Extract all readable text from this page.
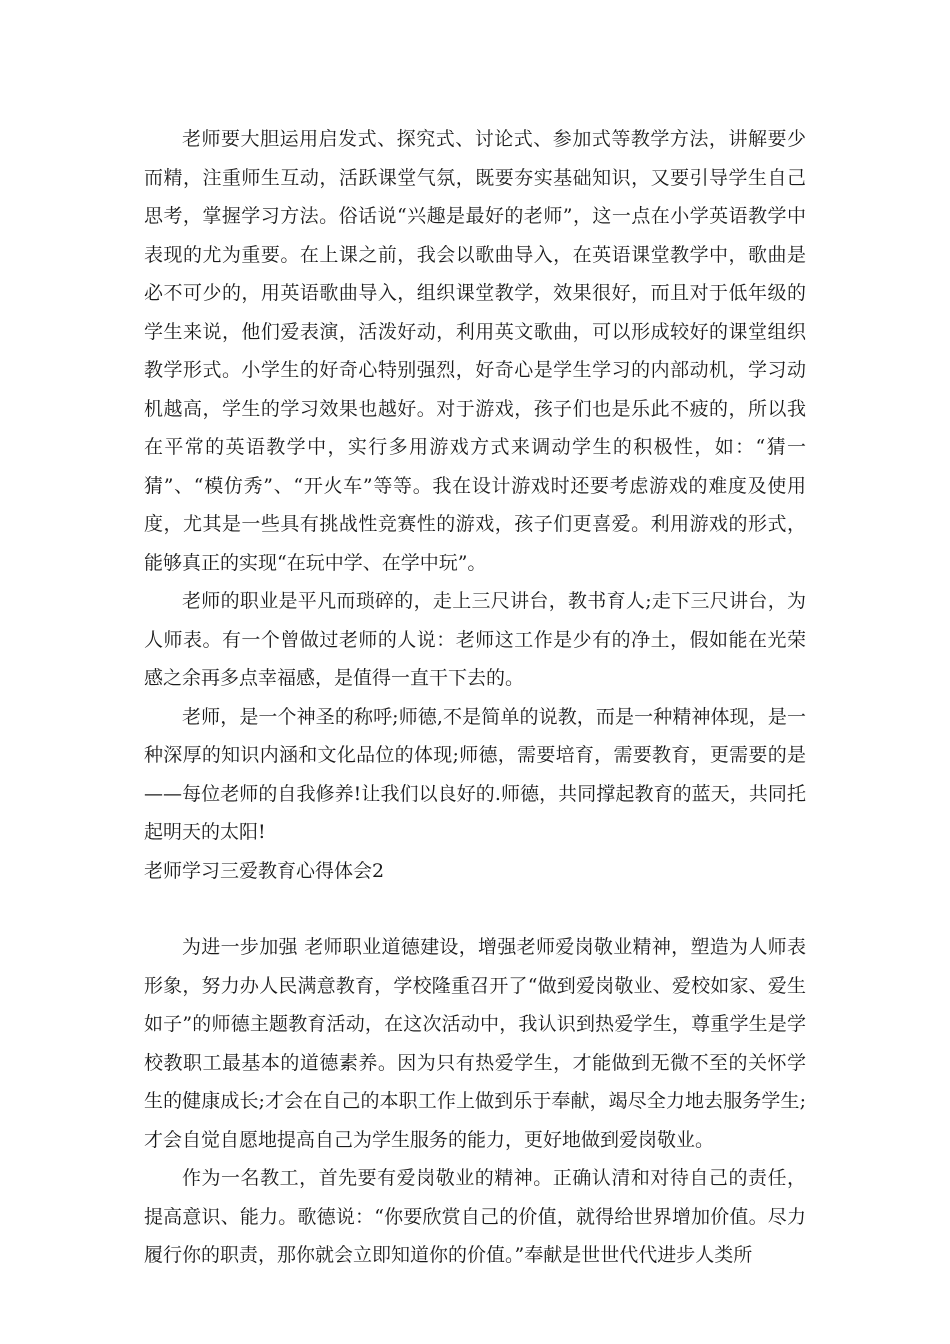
老师要大胆运用启发式、探究式、讨论式、参加式等教学方法，讲解要少而精，注重师生互动，活跃课堂气氛，既要夯实基础知识，又要引导学生自己思考，掌握学习方法。俗话说“兴趣是最好的老师”，这一点在小学英语教学中表现的尤为重要。在上课之前，我会以歌曲导入，在英语课堂教学中，歌曲是必不可少的，用英语歌曲导入，组织课堂教学，效果很好，而且对于低年级的学生来说，他们爱表演，活泼好动，利用英文歌曲，可以形成较好的课堂组织教学形式。小学生的好奇心特别强烈，好奇心是学生学习的内部动机，学习动机越高，学生的学习效果也越好。对于游戏，孩子们也是乐此不疲的，所以我在平常的英语教学中，实行多用游戏方式来调动学生的积极性，如：“猜一猜”、“模仿秀”、“开火车”等等。我在设计游戏时还要考虑游戏的难度及使用度，尤其是一些具有挑战性竞赛性的游戏，孩子们更喜爱。利用游戏的形式，能够真正的实现“在玩中学、在学中玩”。

老师的职业是平凡而琐碎的，走上三尺讲台，教书育人;走下三尺讲台，为人师表。有一个曾做过老师的人说：老师这工作是少有的净土，假如能在光荣感之余再多点幸福感，是值得一直干下去的。

老师，是一个神圣的称呼;师德,不是简单的说教，而是一种精神体现，是一种深厚的知识内涵和文化品位的体现;师德，需要培育，需要教育，更需要的是——每位老师的自我修养!让我们以良好的.师德，共同撑起教育的蓝天，共同托起明天的太阳!

老师学习三爱教育心得体会2

为进一步加强 老师职业道德建设，增强老师爱岗敬业精神，塑造为人师表形象，努力办人民满意教育，学校隆重召开了“做到爱岗敬业、爱校如家、爱生如子”的师德主题教育活动，在这次活动中，我认识到热爱学生，尊重学生是学校教职工最基本的道德素养。因为只有热爱学生，才能做到无微不至的关怀学生的健康成长;才会在自己的本职工作上做到乐于奉献，竭尽全力地去服务学生;才会自觉自愿地提高自己为学生服务的能力，更好地做到爱岗敬业。

作为一名教工，首先要有爱岗敬业的精神。正确认清和对待自己的责任，提高意识、能力。歌德说：“你要欣赏自己的价值，就得给世界增加价值。尽力履行你的职责，那你就会立即知道你的价值。”奉献是世世代代进步人类所
